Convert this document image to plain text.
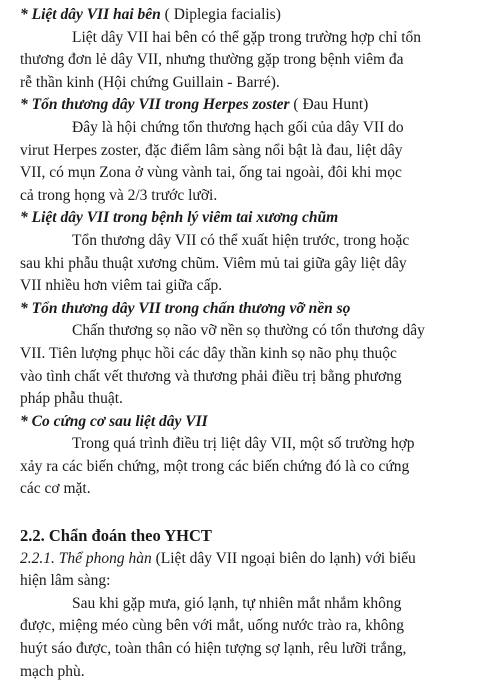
* Liệt dây VII hai bên ( Diplegia facialis)
Liệt dây VII hai bên có thể gặp trong trường hợp chỉ tổn
thương đơn lẻ dây VII, nhưng thường gặp trong bệnh viêm đa
rễ thần kinh (Hội chứng Guillain - Barré).
* Tổn thương dây VII trong Herpes zoster ( Đau Hunt)
Đây là hội chứng tổn thương hạch gối của dây VII do
virut Herpes zoster, đặc điểm lâm sàng nổi bật là đau, liệt dây
VII, có mụn Zona ở vùng vành tai, ống tai ngoài, đôi khi mọc
cả trong họng và 2/3 trước lưỡi.
* Liệt dây VII trong bệnh lý viêm tai xương chũm
Tổn thương dây VII có thể xuất hiện trước, trong hoặc
sau khi phẫu thuật xương chũm. Viêm mủ tai giữa gây liệt dây
VII nhiều hơn viêm tai giữa cấp.
* Tổn thương dây VII trong chấn thương vỡ nền sọ
Chấn thương sọ não vỡ nền sọ thường có tổn thương dây
VII. Tiên lượng phục hồi các dây thần kinh sọ não phụ thuộc
vào tình chất vết thương và thương phải điều trị bằng phương
pháp phẫu thuật.
* Co cứng cơ sau liệt dây VII
Trong quá trình điều trị liệt dây VII, một số trường hợp
xảy ra các biến chứng, một trong các biến chứng đó là co cứng
các cơ mặt.
2.2. Chẩn đoán theo YHCT
2.2.1. Thể phong hàn (Liệt dây VII ngoại biên do lạnh) với biểu
hiện lâm sàng:
Sau khi gặp mưa, gió lạnh, tự nhiên mắt nhắm không
được, miệng méo cùng bên với mắt, uống nước trào ra, không
huýt sáo được, toàn thân có hiện tượng sợ lạnh, rêu lưỡi trắng,
mạch phù.
